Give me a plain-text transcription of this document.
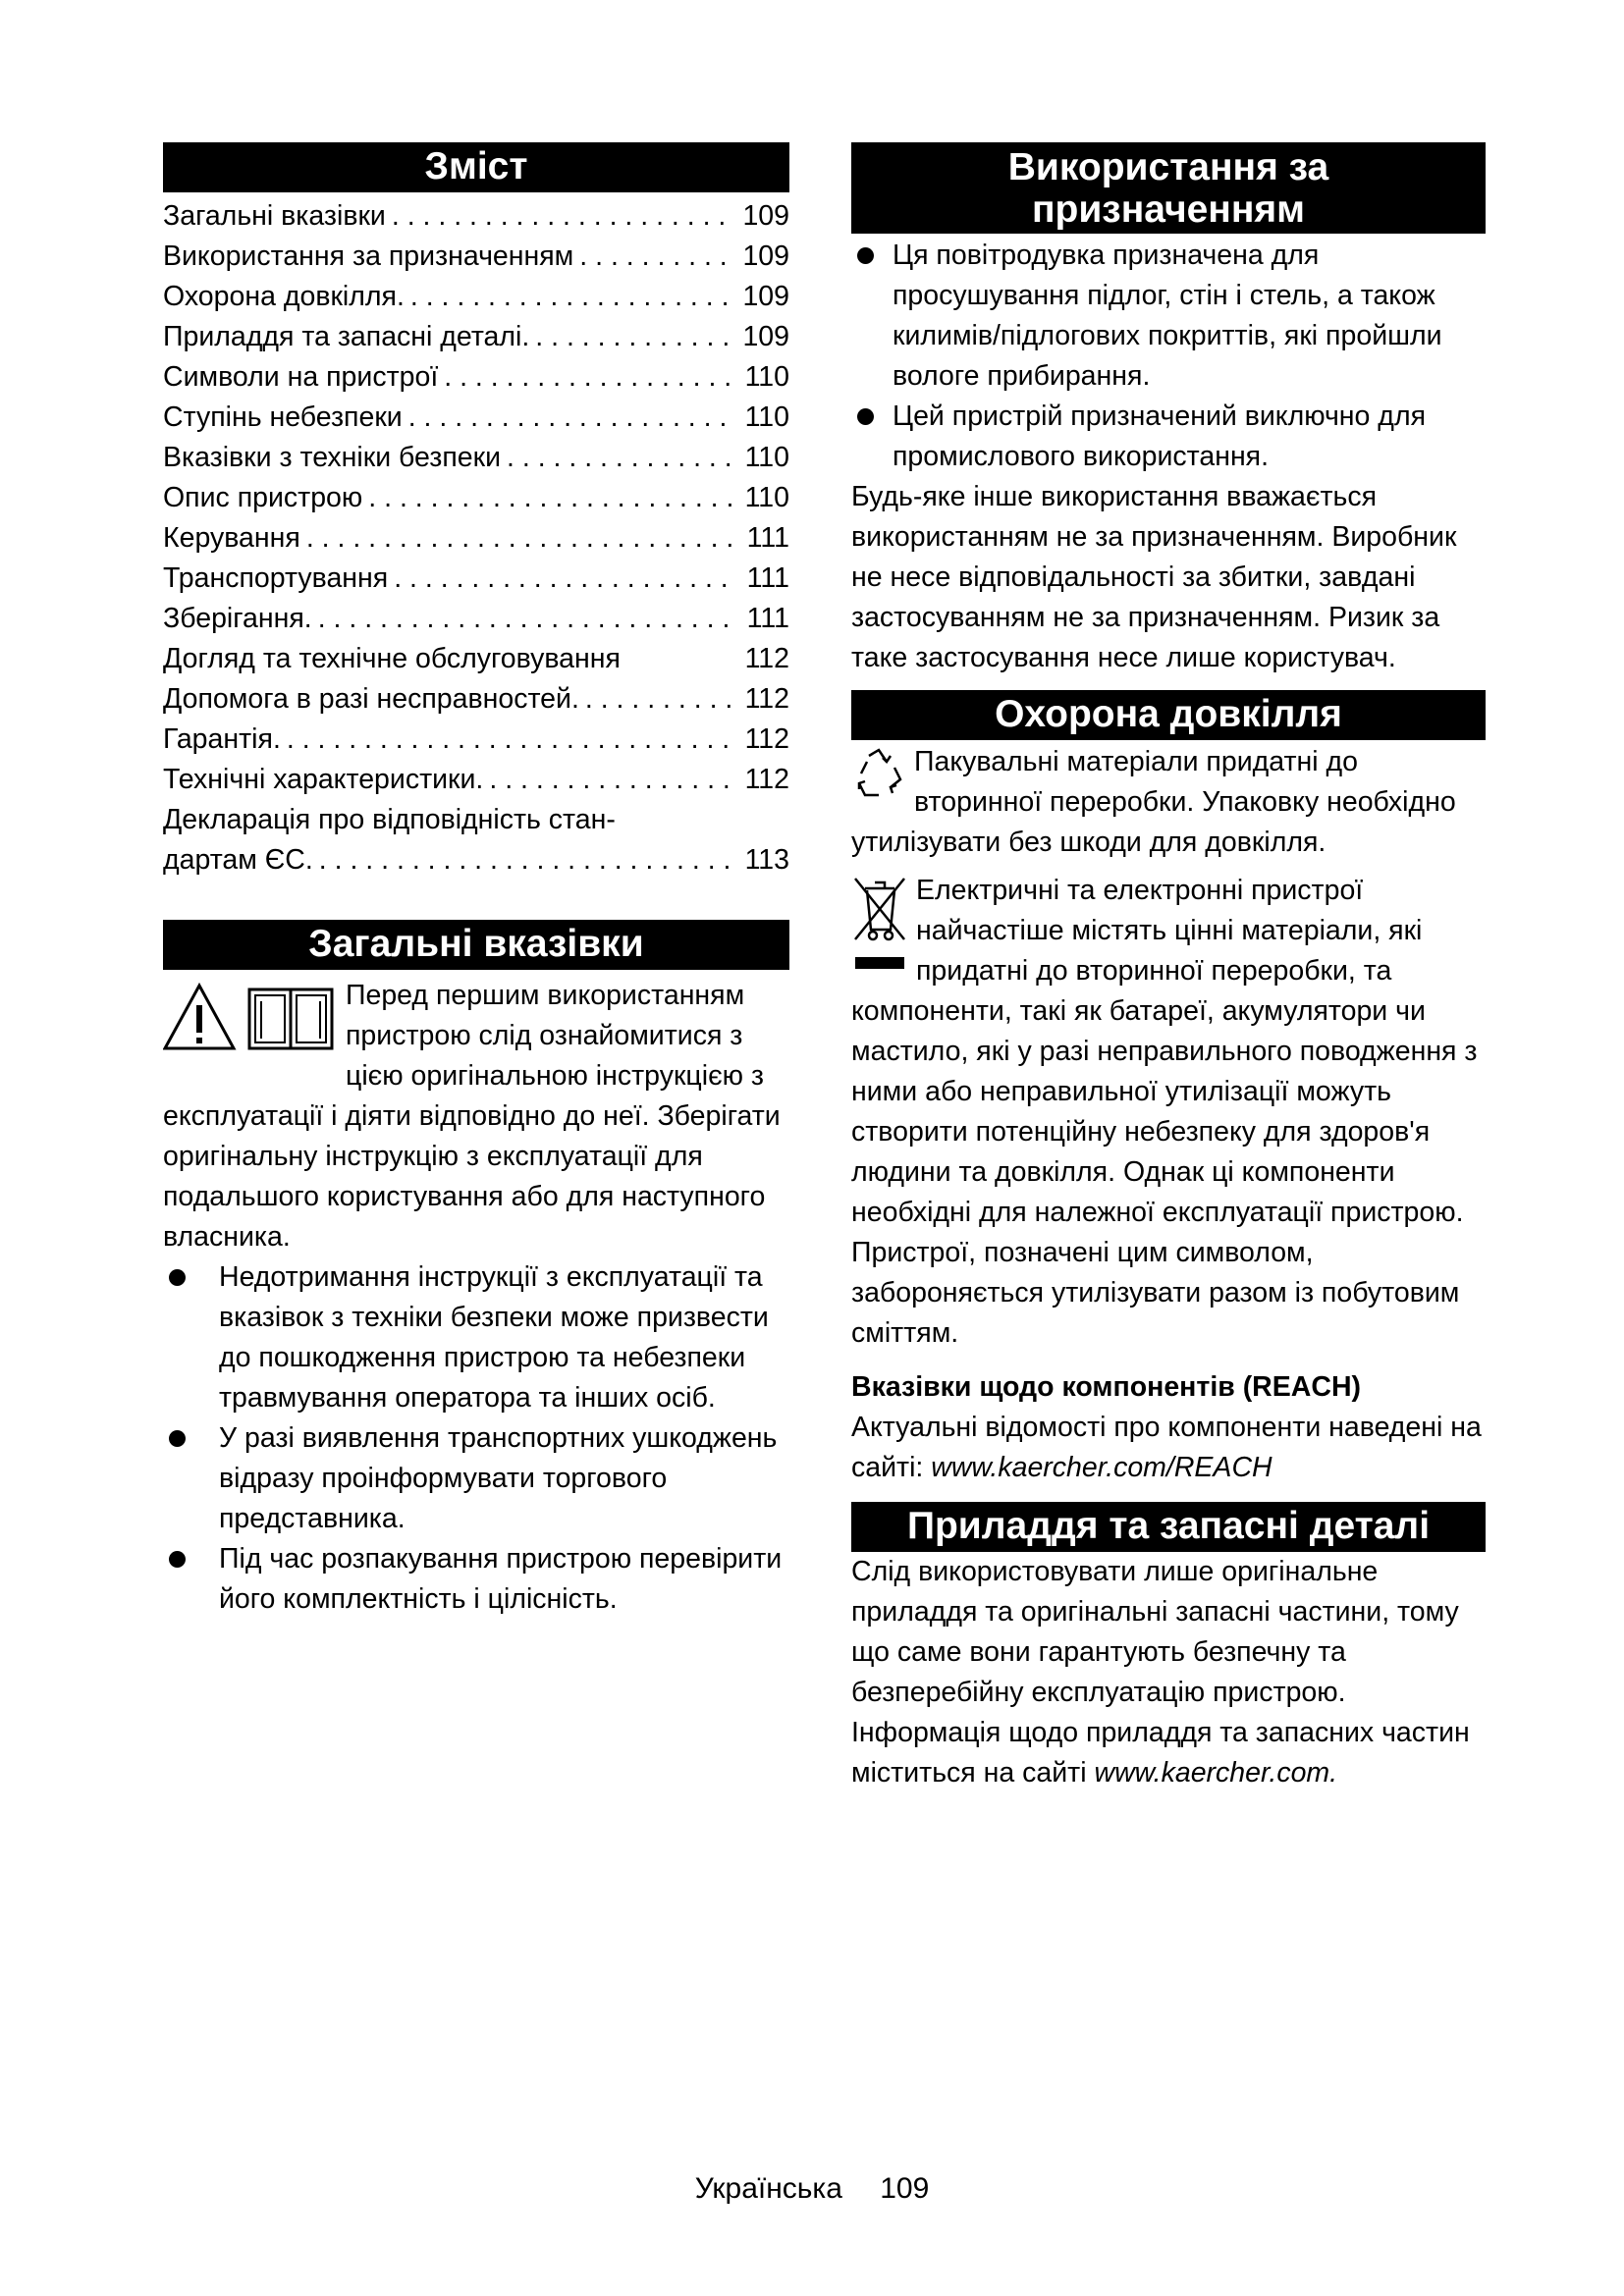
Зміст
Загальні вказівки . . .	109
Використання за призначенням . . .	109
Охорона довкілля. . . .	109
Приладдя та запасні деталі. . . .	109
Символи на пристрої . . .	110
Ступінь небезпеки . . .	110
Вказівки з техніки безпеки . . .	110
Опис пристрою . . .	110
Керування . . .	111
Транспортування . . .	111
Зберігання. . . .	111
Догляд та технічне обслуговування	112
Допомога в разі несправностей. . . .	112
Гарантія. . . .	112
Технічні характеристики. . . .	112
Декларація про відповідність стан-
дартам ЄС. . . .	113
Загальні вказівки

Перед першим використанням пристрою слід ознайомитися з цією оригінальною інструкцією з експлуатації і діяти відповідно до неї. Зберігати оригінальну інструкцію з експлуатації для подальшого користування або для наступного власника.

Недотримання інструкції з експлуатації та вказівок з техніки безпеки може призвести до пошкодження пристрою та небезпеки травмування оператора та інших осіб.
У разі виявлення транспортних ушкоджень відразу проінформувати торгового представника.
Під час розпакування пристрою перевірити його комплектність і цілісність.
Використання за
призначенням
Ця повітродувка призначена для просушування підлог, стін і стель, а також килимів/підлогових покриттів, які пройшли вологе прибирання.
Цей пристрій призначений виключно для промислового використання.

Будь-яке інше використання вважається використанням не за призначенням. Виробник не несе відповідальності за збитки, завдані застосуванням не за призначенням. Ризик за таке застосування несе лише користувач.

Охорона довкілля

Пакувальні матеріали придатні до вторинної переробки. Упаковку необхідно утилізувати без шкоди для довкілля.

Електричні та електронні пристрої найчастіше містять цінні матеріали, які придатні до вторинної переробки, та компоненти, такі як батареї, акумулятори чи мастило, які у разі неправильного поводження з ними або неправильної утилізації можуть створити потенційну небезпеку для здоров'я людини та довкілля. Однак ці компоненти необхідні для належної експлуатації пристрою. Пристрої, позначені цим символом, забороняється утилізувати разом із побутовим сміттям.

Вказівки щодо компонентів (REACH)

Актуальні відомості про компоненти наведені на сайті: www.kaercher.com/REACH

Приладдя та запасні деталі

Слід використовувати лише оригінальне приладдя та оригінальні запасні частини, тому що саме вони гарантують безпечну та безперебійну експлуатацію пристрою.

Інформація щодо приладдя та запасних частин міститься на сайті www.kaercher.com.

Українська 109
